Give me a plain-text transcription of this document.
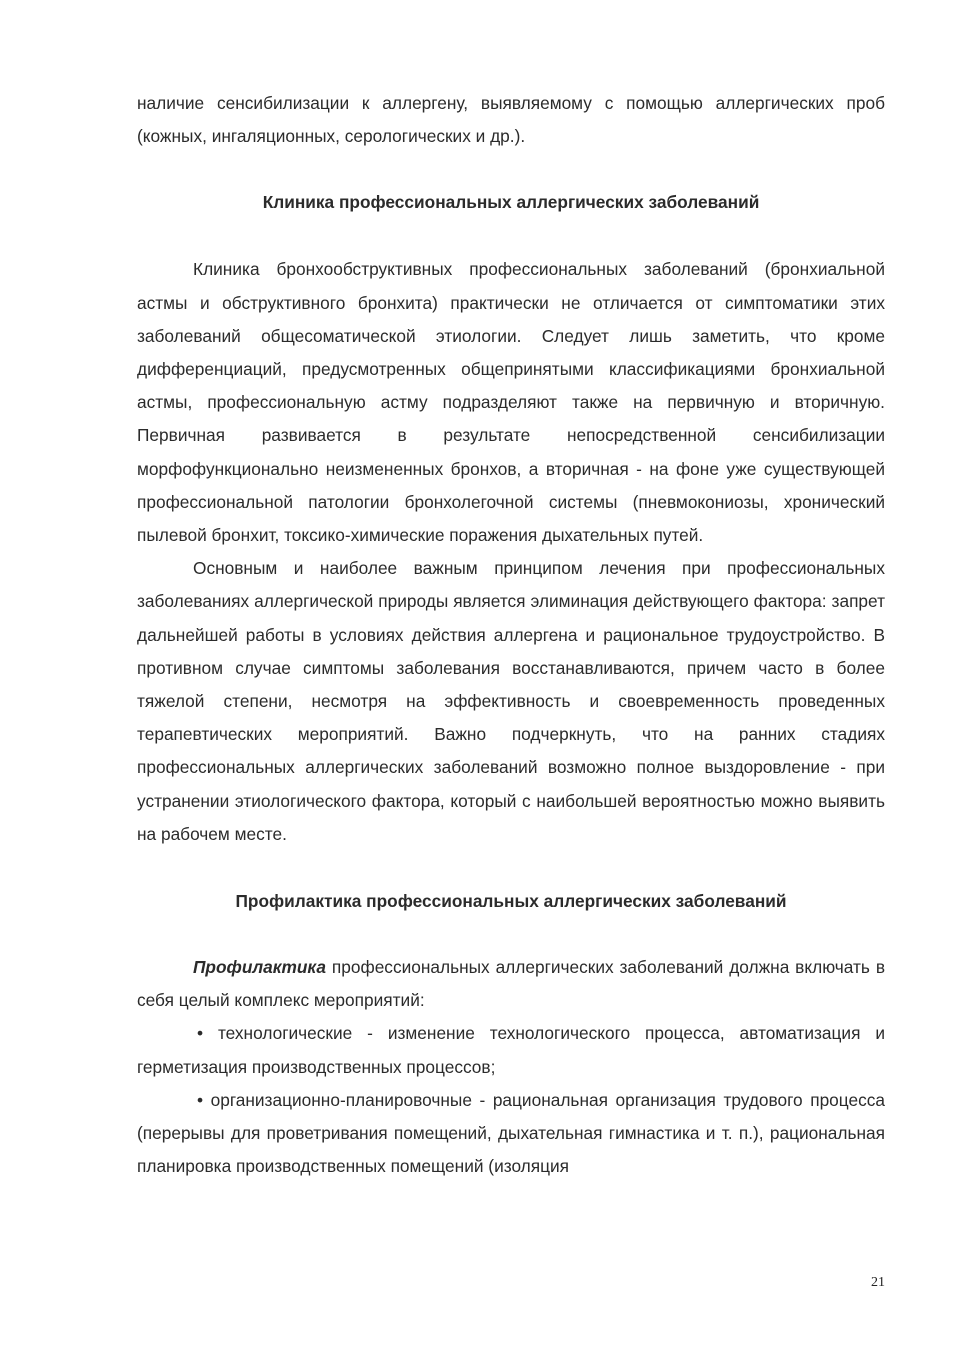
наличие сенсибилизации к аллергену, выявляемому с помощью аллергических проб (кожных, ингаляционных, серологических и др.).

Клиника профессиональных аллергических заболеваний

Клиника бронхообструктивных профессиональных заболеваний (бронхиальной астмы и обструктивного бронхита) практически не отличается от симптоматики этих заболеваний общесоматической этиологии. Следует лишь заметить, что кроме дифференциаций, предусмотренных общепринятыми классификациями бронхиальной астмы, профессиональную астму подразделяют также на первичную и вторичную. Первичная развивается в результате непосредственной сенсибилизации морфофункционально неизмененных бронхов, а вторичная - на фоне уже существующей профессиональной патологии бронхолегочной системы (пневмокониозы, хронический пылевой бронхит, токсико-химические поражения дыхательных путей.

Основным и наиболее важным принципом лечения при профессиональных заболеваниях аллергической природы является элиминация действующего фактора: запрет дальнейшей работы в условиях действия аллергена и рациональное трудоустройство. В противном случае симптомы заболевания восстанавливаются, причем часто в более тяжелой степени, несмотря на эффективность и своевременность проведенных терапевтических мероприятий. Важно подчеркнуть, что на ранних стадиях профессиональных аллергических заболеваний возможно полное выздоровление - при устранении этиологического фактора, который с наибольшей вероятностью можно выявить на рабочем месте.

Профилактика профессиональных аллергических заболеваний

Профилактика профессиональных аллергических заболеваний должна включать в себя целый комплекс мероприятий:

• технологические - изменение технологического процесса, автоматизация и герметизация производственных процессов;

• организационно-планировочные - рациональная организация трудового процесса (перерывы для проветривания помещений, дыхательная гимнастика и т. п.), рациональная планировка производственных помещений (изоляция

21
